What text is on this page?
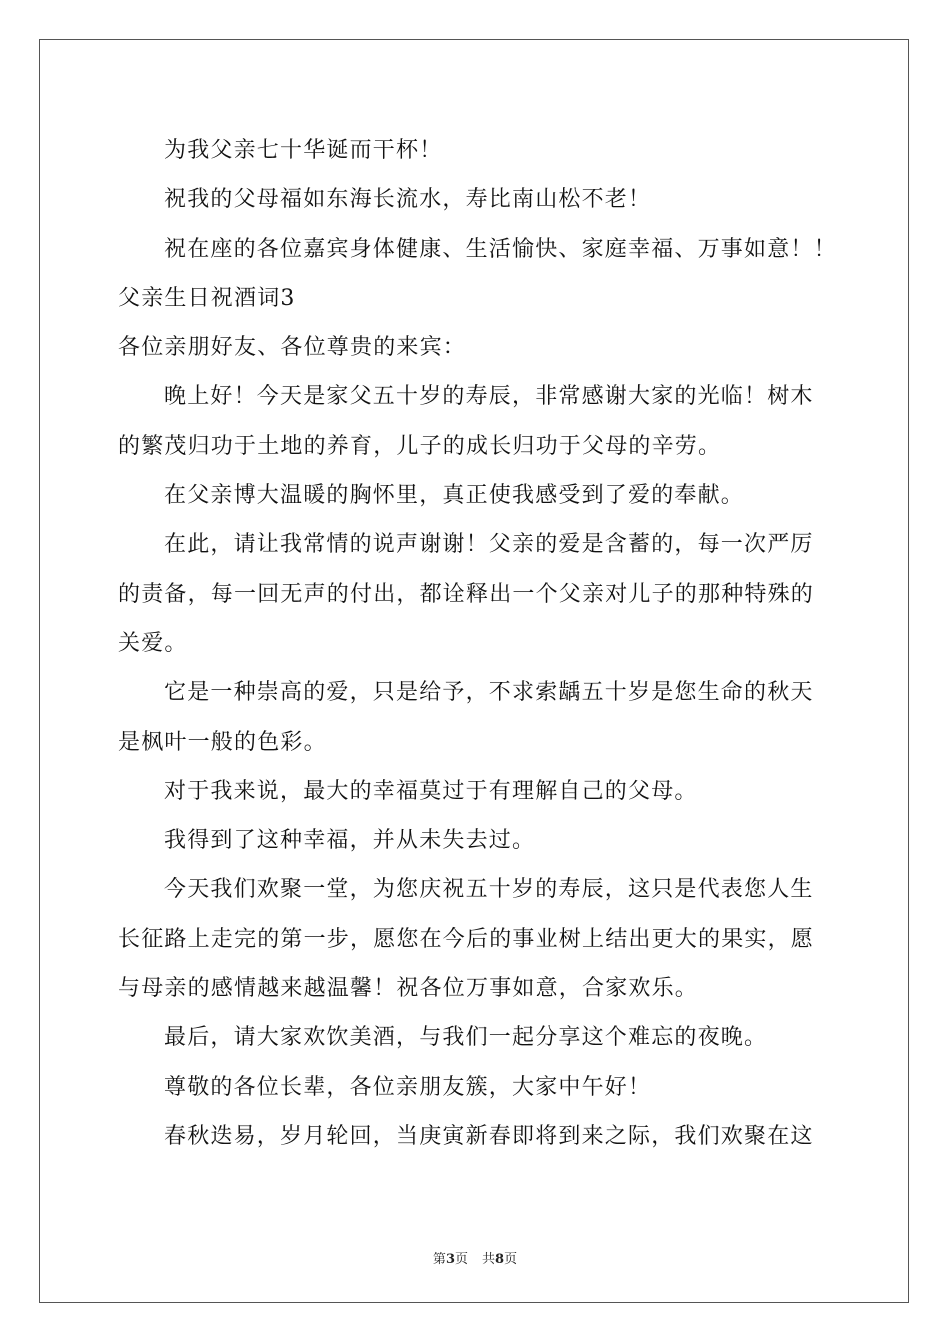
为我父亲七十华诞而干杯！
祝我的父母福如东海长流水，寿比南山松不老！
祝在座的各位嘉宾身体健康、生活愉快、家庭幸福、万事如意！！
父亲生日祝酒词3
各位亲朋好友、各位尊贵的来宾：
晚上好！今天是家父五十岁的寿辰，非常感谢大家的光临！树木
的繁茂归功于土地的养育，儿子的成长归功于父母的辛劳。
在父亲博大温暖的胸怀里，真正使我感受到了爱的奉献。
在此，请让我常情的说声谢谢！父亲的爱是含蓄的，每一次严厉
的责备，每一回无声的付出，都诠释出一个父亲对儿子的那种特殊的
关爱。
它是一种崇高的爱，只是给予，不求索龋五十岁是您生命的秋天
是枫叶一般的色彩。
对于我来说，最大的幸福莫过于有理解自己的父母。
我得到了这种幸福，并从未失去过。
今天我们欢聚一堂，为您庆祝五十岁的寿辰，这只是代表您人生
长征路上走完的第一步，愿您在今后的事业树上结出更大的果实，愿
与母亲的感情越来越温馨！祝各位万事如意，合家欢乐。
最后，请大家欢饮美酒，与我们一起分享这个难忘的夜晚。
尊敬的各位长辈，各位亲朋友簇，大家中午好！
春秋迭易，岁月轮回，当庚寅新春即将到来之际，我们欢聚在这
第3页 共8页
